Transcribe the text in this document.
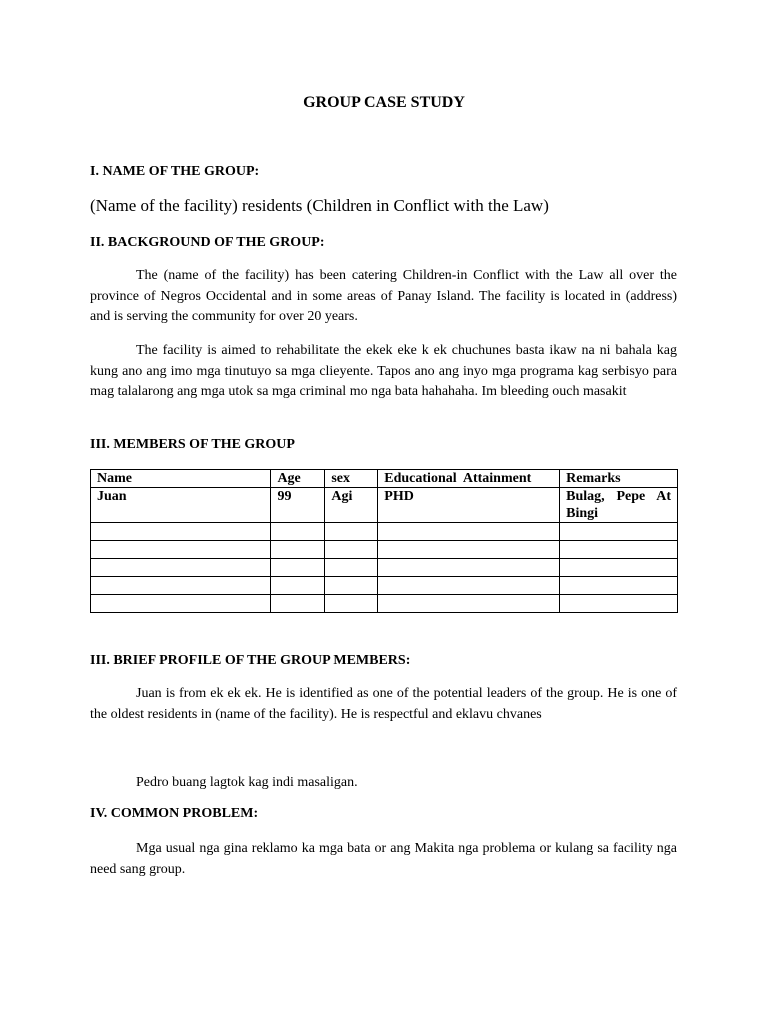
GROUP CASE STUDY
I. NAME OF THE GROUP:
(Name of the facility) residents (Children in Conflict with the Law)
II. BACKGROUND OF THE GROUP:

The (name of the facility) has been catering Children-in Conflict with the Law all over the province of Negros Occidental and in some areas of Panay Island. The facility is located in (address) and is serving the community for over 20 years.

The facility is aimed to rehabilitate the ekek eke k ek chuchunes basta ikaw na ni bahala kag kung ano ang imo mga tinutuyo sa mga clieyente. Tapos ano ang inyo mga programa kag serbisyo para mag talalarong ang mga utok sa mga criminal mo nga bata hahahaha. Im bleeding ouch masakit

III. MEMBERS OF THE GROUP
Name	Age	sex	Educational  Attainment	Remarks
Juan	99	Agi	PHD	Bulag, Pepe At
Bingi

III. BRIEF PROFILE OF THE GROUP MEMBERS:

Juan is from ek ek ek. He is identified as one of the potential leaders of the group. He is one of the oldest residents in (name of the facility). He is respectful and eklavu chvanes

Pedro buang lagtok kag indi masaligan.

IV. COMMON PROBLEM:

Mga usual nga gina reklamo ka mga bata or ang Makita nga problema or kulang sa facility nga need sang group.
